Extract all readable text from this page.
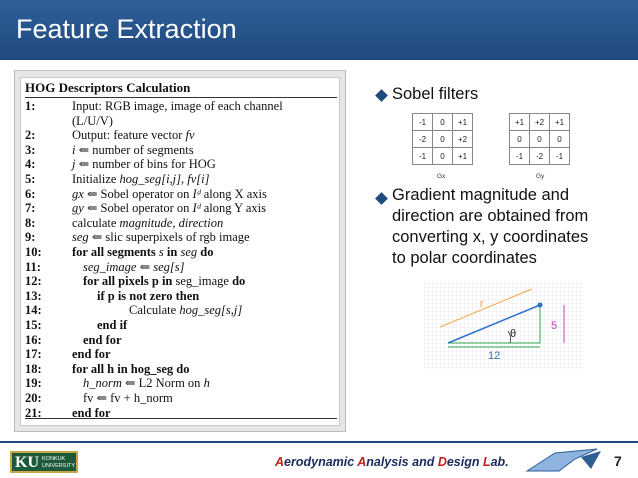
Feature Extraction
HOG Descriptors Calculation
1:	Input: RGB image, image of each channel
(L/U/V)
2:	Output: feature vector fv
3:	i ⇐ number of segments
4:	j ⇐ number of bins for HOG
5:	Initialize hog_seg[i,j], fv[i]
6:	gx ⇐ Sobel operator on Iᵈ along X axis
7:	gy ⇐ Sobel operator on Iᵈ along Y axis
8:	calculate magnitude, direction
9:	seg ⇐ slic superpixels of rgb image
10: for all segments s in seg do
11:	seg_image ⇐ seg[s]
12:	for all pixels p in seg_image do
13:	if p is not zero then
14:	Calculate hog_seg[s,j]
15:	end if
16:	end for
17: end for
18: for all h in hog_seg do
19:	h_norm ⇐ L2 Norm on h
20:	fv ⇐ fv + h_norm
21: end for
Sobel filters
-1	0	+1
-2	0	+2
-1	0	+1
Gx
+1	+2	+1
0	0	0
-1	-2	-1
Gy
Gradient magnitude and
direction are obtained from
converting x, y coordinates
to polar coordinates
r
5
12
θ
KU KONKUK
UNIVERSITY	Aerodynamic Analysis and Design Lab.	7
